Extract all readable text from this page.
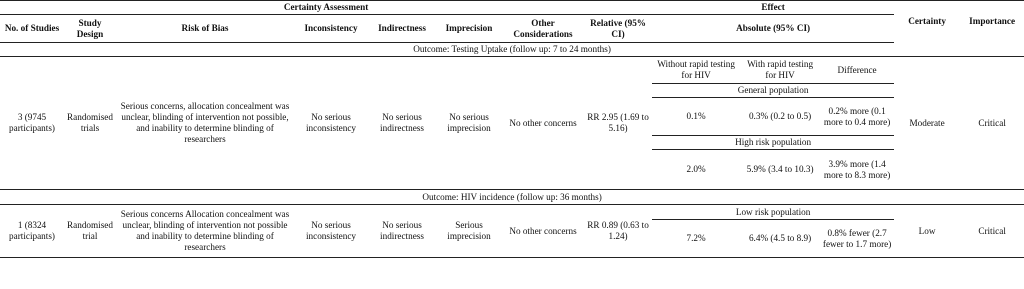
Certainty Assessment								Effect			Certainty	Importance
No. of Studies	Study Design	Risk of Bias	Inconsistency	Indirectness	Imprecision	Other Considerations	Relative (95% CI)	Absolute (95% CI)				
Outcome: Testing Uptake (follow up: 7 to 24 months)												
3 (9745 participants)	Randomised trials	Serious concerns, allocation concealment was unclear, blinding of intervention not possible, and inability to determine blinding of researchers	No serious inconsistency	No serious indirectness	No serious imprecision	No other concerns	RR 2.95 (1.69 to 5.16)	Without rapid testing for HIV	With rapid testing for HIV	Difference	Moderate	Critical
								General population				
								0.1%	0.3% (0.2 to 0.5)	0.2% more (0.1 more to 0.4 more)		
								High risk population				
								2.0%	5.9% (3.4 to 10.3)	3.9% more (1.4 more to 8.3 more)		
Outcome: HIV incidence (follow up: 36 months)												
1 (8324 participants)	Randomised trial	Serious concerns Allocation concealment was unclear, blinding of intervention not possible and inability to determine blinding of researchers	No serious inconsistency	No serious indirectness	Serious imprecision	No other concerns	RR 0.89 (0.63 to 1.24)	Low risk population			Low	Critical
								7.2%	6.4% (4.5 to 8.9)	0.8% fewer (2.7 fewer to 1.7 more)		
